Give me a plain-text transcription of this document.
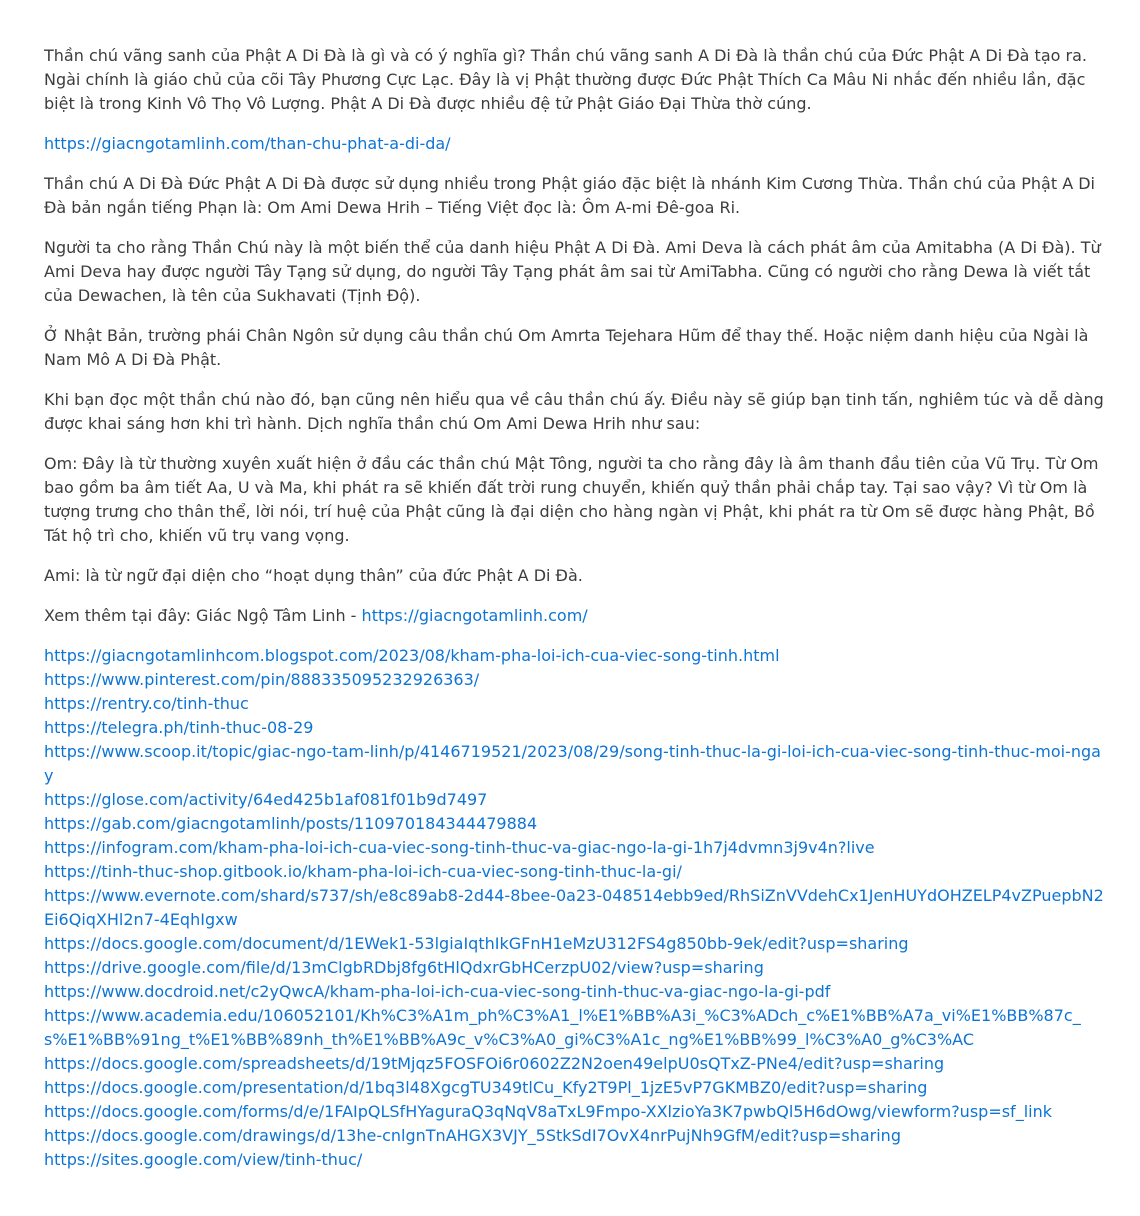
Thần chú vãng sanh của Phật A Di Đà là gì và có ý nghĩa gì? Thần chú vãng sanh A Di Đà là thần chú của Đức Phật A Di Đà tạo ra. Ngài chính là giáo chủ của cõi Tây Phương Cực Lạc. Đây là vị Phật thường được Đức Phật Thích Ca Mâu Ni nhắc đến nhiều lần, đặc biệt là trong Kinh Vô Thọ Vô Lượng. Phật A Di Đà được nhiều đệ tử Phật Giáo Đại Thừa thờ cúng.

https://giacngotamlinh.com/than-chu-phat-a-di-da/

Thần chú A Di Đà Đức Phật A Di Đà được sử dụng nhiều trong Phật giáo đặc biệt là nhánh Kim Cương Thừa. Thần chú của Phật A Di Đà bản ngắn tiếng Phạn là: Om Ami Dewa Hrih – Tiếng Việt đọc là: Ôm A-mi Đê-goa Ri.

Người ta cho rằng Thần Chú này là một biến thể của danh hiệu Phật A Di Đà. Ami Deva là cách phát âm của Amitabha (A Di Đà). Từ Ami Deva hay được người Tây Tạng sử dụng, do người Tây Tạng phát âm sai từ AmiTabha. Cũng có người cho rằng Dewa là viết tắt của Dewachen, là tên của Sukhavati (Tịnh Độ).

Ở Nhật Bản, trường phái Chân Ngôn sử dụng câu thần chú Om Amrta Tejehara Hũm để thay thế. Hoặc niệm danh hiệu của Ngài là Nam Mô A Di Đà Phật.

Khi bạn đọc một thần chú nào đó, bạn cũng nên hiểu qua về câu thần chú ấy. Điều này sẽ giúp bạn tinh tấn, nghiêm túc và dễ dàng được khai sáng hơn khi trì hành. Dịch nghĩa thần chú Om Ami Dewa Hrih như sau:

Om: Đây là từ thường xuyên xuất hiện ở đầu các thần chú Mật Tông, người ta cho rằng đây là âm thanh đầu tiên của Vũ Trụ. Từ Om bao gồm ba âm tiết Aa, U và Ma, khi phát ra sẽ khiến đất trời rung chuyển, khiến quỷ thần phải chắp tay. Tại sao vậy? Vì từ Om là tượng trưng cho thân thể, lời nói, trí huệ của Phật cũng là đại diện cho hàng ngàn vị Phật, khi phát ra từ Om sẽ được hàng Phật, Bồ Tát hộ trì cho, khiến vũ trụ vang vọng.

Ami: là từ ngữ đại diện cho “hoạt dụng thân” của đức Phật A Di Đà.

Xem thêm tại đây: Giác Ngộ Tâm Linh - https://giacngotamlinh.com/

https://giacngotamlinhcom.blogspot.com/2023/08/kham-pha-loi-ich-cua-viec-song-tinh.html
https://www.pinterest.com/pin/888335095232926363/
https://rentry.co/tinh-thuc
https://telegra.ph/tinh-thuc-08-29
https://www.scoop.it/topic/giac-ngo-tam-linh/p/4146719521/2023/08/29/song-tinh-thuc-la-gi-loi-ich-cua-viec-song-tinh-thuc-moi-ngay
https://glose.com/activity/64ed425b1af081f01b9d7497
https://gab.com/giacngotamlinh/posts/110970184344479884
https://infogram.com/kham-pha-loi-ich-cua-viec-song-tinh-thuc-va-giac-ngo-la-gi-1h7j4dvmn3j9v4n?live
https://tinh-thuc-shop.gitbook.io/kham-pha-loi-ich-cua-viec-song-tinh-thuc-la-gi/
https://www.evernote.com/shard/s737/sh/e8c89ab8-2d44-8bee-0a23-048514ebb9ed/RhSiZnVVdehCx1JenHUYdOHZELP4vZPuepbN2Ei6QiqXHl2n7-4EqhIgxw
https://docs.google.com/document/d/1EWek1-53lgiaIqthIkGFnH1eMzU312FS4g850bb-9ek/edit?usp=sharing
https://drive.google.com/file/d/13mClgbRDbj8fg6tHlQdxrGbHCerzpU02/view?usp=sharing
https://www.docdroid.net/c2yQwcA/kham-pha-loi-ich-cua-viec-song-tinh-thuc-va-giac-ngo-la-gi-pdf
https://www.academia.edu/106052101/Kh%C3%A1m_ph%C3%A1_l%E1%BB%A3i_%C3%ADch_c%E1%BB%A7a_vi%E1%BB%87c_s%E1%BB%91ng_t%E1%BB%89nh_th%E1%BB%A9c_v%C3%A0_gi%C3%A1c_ng%E1%BB%99_l%C3%A0_g%C3%AC
https://docs.google.com/spreadsheets/d/19tMjqz5FOSFOi6r0602Z2N2oen49elpU0sQTxZ-PNe4/edit?usp=sharing
https://docs.google.com/presentation/d/1bq3l48XgcgTU349tlCu_Kfy2T9Pl_1jzE5vP7GKMBZ0/edit?usp=sharing
https://docs.google.com/forms/d/e/1FAIpQLSfHYaguraQ3qNqV8aTxL9Fmpo-XXlzioYa3K7pwbQl5H6dOwg/viewform?usp=sf_link
https://docs.google.com/drawings/d/13he-cnlgnTnAHGX3VJY_5StkSdI7OvX4nrPujNh9GfM/edit?usp=sharing
https://sites.google.com/view/tinh-thuc/
